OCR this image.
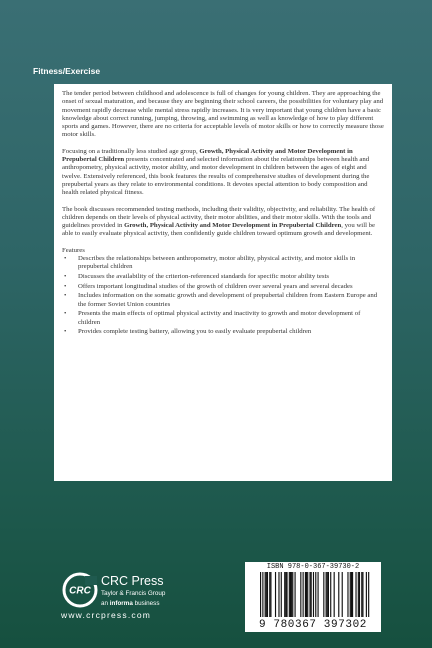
Fitness/Exercise

The tender period between childhood and adolescence is full of changes for young children. They are approaching the onset of sexual maturation, and because they are beginning their school careers, the possibilities for voluntary play and movement rapidly decrease while mental stress rapidly increases. It is very important that young children have a basic knowledge about correct running, jumping, throwing, and swimming as well as knowledge of how to play different sports and games. However, there are no criteria for acceptable levels of motor skills or how to correctly measure those motor skills.

Focusing on a traditionally less studied age group, Growth, Physical Activity and Motor Development in Prepubertal Children presents concentrated and selected information about the relationships between health and anthropometry, physical activity, motor ability, and motor development in children between the ages of eight and twelve. Extensively referenced, this book features the results of comprehensive studies of development during the prepubertal years as they relate to environmental conditions. It devotes special attention to body composition and health related physical fitness.

The book discusses recommended testing methods, including their validity, objectivity, and reliability. The health of children depends on their levels of physical activity, their motor abilities, and their motor skills. With the tools and guidelines provided in Growth, Physical Activity and Motor Development in Prepubertal Children, you will be able to easily evaluate physical activity, then confidently guide children toward optimum growth and development.

Features
• Describes the relationships between anthropometry, motor ability, physical activity, and motor skills in prepubertal children
• Discusses the availability of the criterion-referenced standards for specific motor ability tests
• Offers important longitudinal studies of the growth of children over several years and several decades
• Includes information on the somatic growth and development of prepubertal children from Eastern Europe and the former Soviet Union countries
• Presents the main effects of optimal physical activity and inactivity to growth and motor development of children
• Provides complete testing battery, allowing you to easily evaluate prepubertal children
CRC
CRC Press
Taylor & Francis Group
an informa business
www.crcpress.com
ISBN 978-0-367-39730-2
9 780367 397302
